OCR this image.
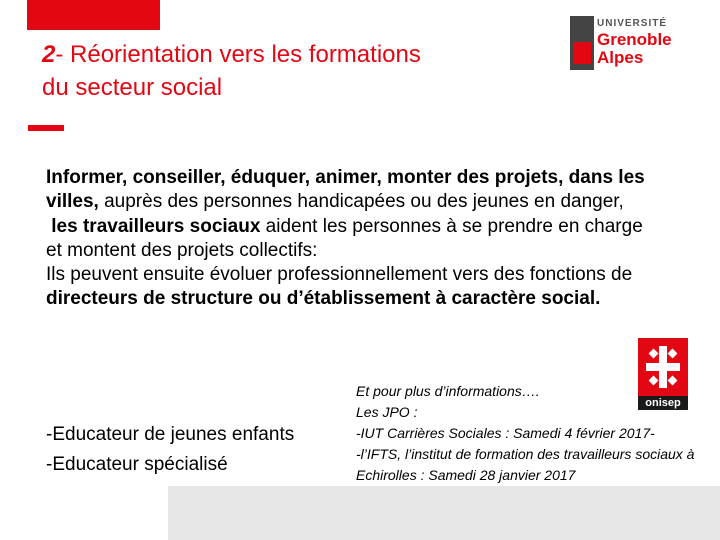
2- Réorientation vers les formations
du secteur social
UNIVERSITÉ
Grenoble
Alpes
Informer, conseiller, éduquer, animer, monter des projets, dans les villes, auprès des personnes handicapées ou des jeunes en danger,
les travailleurs sociaux aident les personnes à se prendre en charge et montent des projets collectifs:
Ils peuvent ensuite évoluer professionnellement vers des fonctions de directeurs de structure ou d’établissement à caractère social.
-Educateur de jeunes enfants
-Educateur spécialisé
Et pour plus d’informations….
Les JPO :
-IUT Carrières Sociales : Samedi 4 février 2017-
-l’IFTS, l’institut de formation des travailleurs sociaux à Echirolles : Samedi 28 janvier 2017
onisep
